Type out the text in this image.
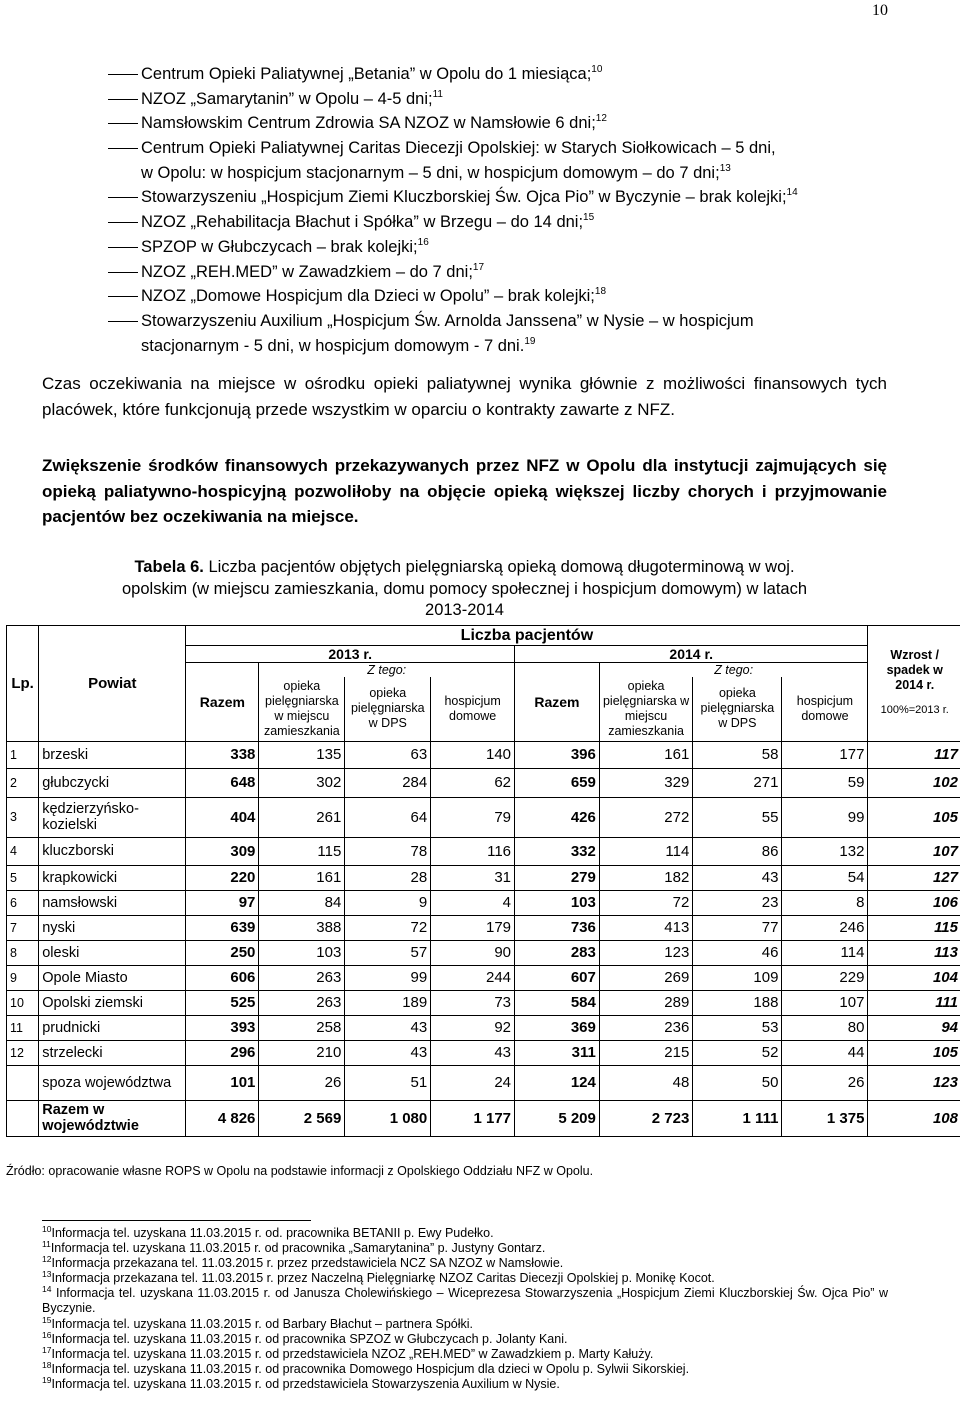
10
Centrum Opieki Paliatywnej „Betania” w Opolu do 1 miesiąca;$^{10}$
NZOZ „Samarytanin” w Opolu – 4-5 dni;$^{11}$
Namsłowskim Centrum Zdrowia SA NZOZ w Namsłowie 6 dni;$^{12}$
Centrum Opieki Paliatywnej Caritas Diecezji Opolskiej: w Starych Siołkowicach – 5 dni,
w Opolu: w hospicjum stacjonarnym – 5 dni, w hospicjum domowym – do 7 dni;$^{13}$
Stowarzyszeniu „Hospicjum Ziemi Kluczborskiej Św. Ojca Pio” w Byczynie – brak kolejki;$^{14}$
NZOZ „Rehabilitacja Błachut i Spółka” w Brzegu – do 14 dni;$^{15}$
SPZOP w Głubczycach – brak kolejki;$^{16}$
NZOZ „REH.MED” w Zawadzkiem – do 7 dni;$^{17}$
NZOZ „Domowe Hospicjum dla Dzieci w Opolu” – brak kolejki;$^{18}$
Stowarzyszeniu Auxilium „Hospicjum Św. Arnolda Janssena” w Nysie – w hospicjum
stacjonarnym - 5 dni, w hospicjum domowym - 7 dni.$^{19}$
Czas oczekiwania na miejsce w ośrodku opieki paliatywnej wynika głównie z możliwości finansowych tych placówek, które funkcjonują przede wszystkim w oparciu o kontrakty zawarte z NFZ.
Zwiększenie środków finansowych przekazywanych przez NFZ w Opolu dla instytucji zajmujących się opieką paliatywno-hospicyjną pozwoliłoby na objęcie opieką większej liczby chorych i przyjmowanie pacjentów bez oczekiwania na miejsce.
Tabela 6. Liczba pacjentów objętych pielęgniarską opieką domową długoterminową w woj.
opolskim (w miejscu zamieszkania, domu pomocy społecznej i hospicjum domowym) w latach
2013-2014
Lp.	Powiat	Liczba pacjentów								Wzrost / spadek w 2014 r.
100%=2013 r.

		2013 r.				2014 r.				
		Razem	Z tego:			Razem	Z tego:			
			opieka pielęgniarska w miejscu zamieszkania	opieka pielęgniarska w DPS	hospicjum domowe		opieka pielęgniarska w miejscu zamieszkania	opieka pielęgniarska w DPS	hospicjum domowe	
1	brzeski	338	135	63	140	396	161	58	177	117
2	głubczycki	648	302	284	62	659	329	271	59	102
3	kędzierzyńsko-kozielski	404	261	64	79	426	272	55	99	105
4	kluczborski	309	115	78	116	332	114	86	132	107
5	krapkowicki	220	161	28	31	279	182	43	54	127
6	namsłowski	97	84	9	4	103	72	23	8	106
7	nyski	639	388	72	179	736	413	77	246	115
8	oleski	250	103	57	90	283	123	46	114	113
9	Opole Miasto	606	263	99	244	607	269	109	229	104
10	Opolski ziemski	525	263	189	73	584	289	188	107	111
11	prudnicki	393	258	43	92	369	236	53	80	94
12	strzelecki	296	210	43	43	311	215	52	44	105
	spoza województwa	101	26	51	24	124	48	50	26	123
	Razem w województwie	4 826	2 569	1 080	1 177	5 209	2 723	1 111	1 375	108
Źródło: opracowanie własne ROPS w Opolu na podstawie informacji z Opolskiego Oddziału NFZ w Opolu.
$^{10}$Informacja tel. uzyskana 11.03.2015 r. od. pracownika BETANII p. Ewy Pudełko.
$^{11}$Informacja tel. uzyskana 11.03.2015 r. od pracownika „Samarytanina” p. Justyny Gontarz.
$^{12}$Informacja przekazana tel. 11.03.2015 r. przez przedstawiciela NCZ SA NZOZ w Namsłowie.
$^{13}$Informacja przekazana tel. 11.03.2015 r. przez Naczelną Pielęgniarkę NZOZ Caritas Diecezji Opolskiej p. Monikę Kocot.
$^{14}$ Informacja tel. uzyskana 11.03.2015 r. od Janusza Cholewińskiego – Wiceprezesa Stowarzyszenia „Hospicjum Ziemi Kluczborskiej Św. Ojca Pio” w Byczynie.
$^{15}$Informacja tel. uzyskana 11.03.2015 r. od Barbary Błachut – partnera Spółki.
$^{16}$Informacja tel. uzyskana 11.03.2015 r. od pracownika SPZOZ w Głubczycach p. Jolanty Kani.
$^{17}$Informacja tel. uzyskana 11.03.2015 r. od przedstawiciela NZOZ „REH.MED” w Zawadzkiem p. Marty Kałuży.
$^{18}$Informacja tel. uzyskana 11.03.2015 r. od pracownika Domowego Hospicjum dla dzieci w Opolu p. Sylwii Sikorskiej.
$^{19}$Informacja tel. uzyskana 11.03.2015 r. od przedstawiciela Stowarzyszenia Auxilium w Nysie.
